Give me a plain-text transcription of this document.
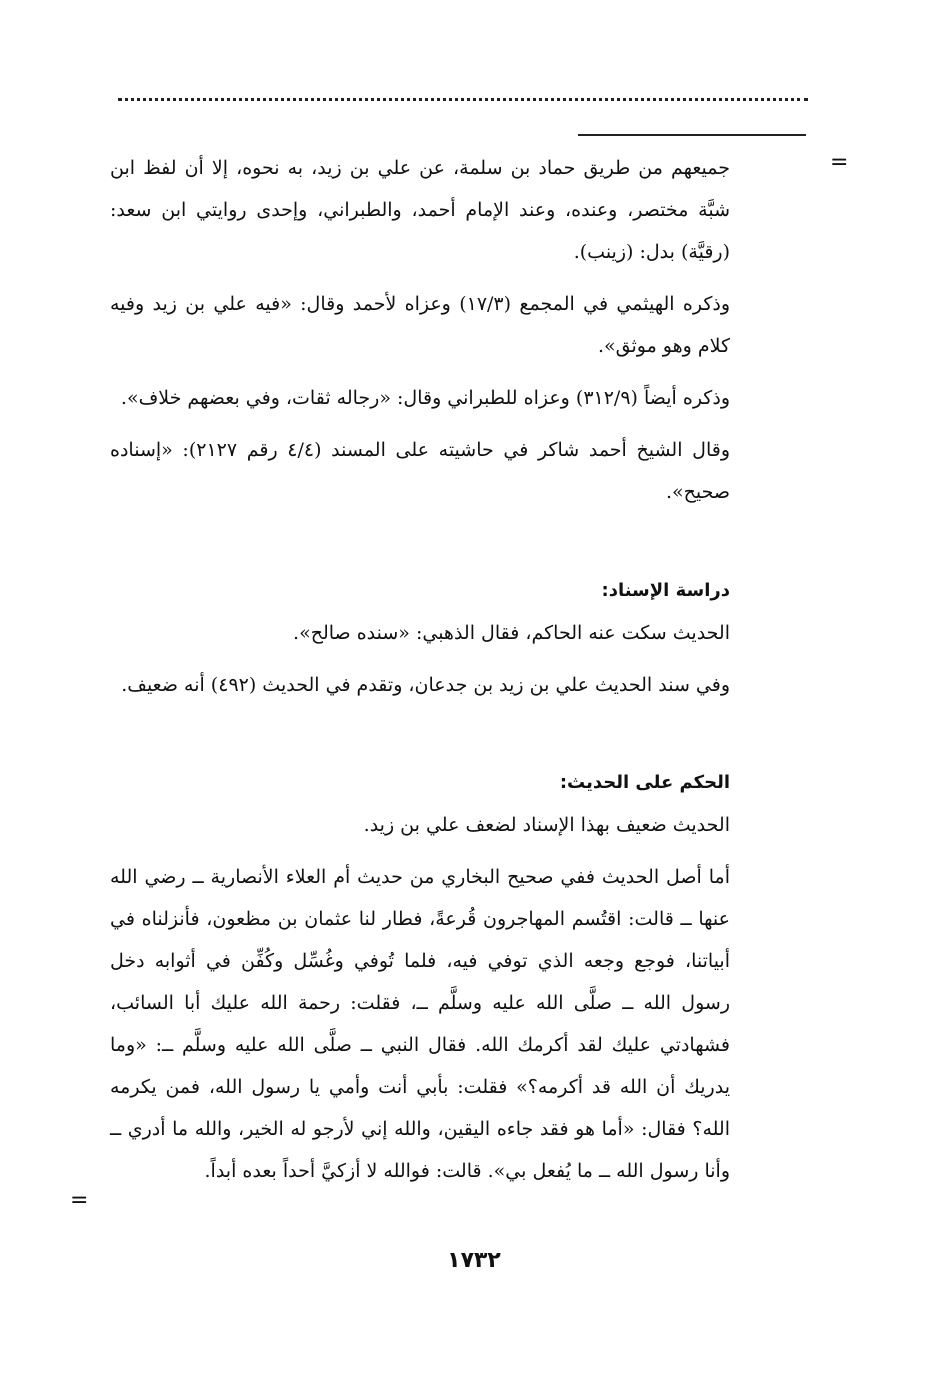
=

جميعهم من طريق حماد بن سلمة، عن علي بن زيد، به نحوه، إلا أن لفظ ابن شبَّة مختصر، وعنده، وعند الإمام أحمد، والطبراني، وإحدى روايتي ابن سعد: (رقيَّة) بدل: (زينب).

وذكره الهيثمي في المجمع (١٧/٣) وعزاه لأحمد وقال: «فيه علي بن زيد وفيه كلام وهو موثق».

وذكره أيضاً (٣١٢/٩) وعزاه للطبراني وقال: «رجاله ثقات، وفي بعضهم خلاف».

وقال الشيخ أحمد شاكر في حاشيته على المسند (٤/٤ رقم ٢١٢٧): «إسناده صحيح».

دراسة الإسناد:

الحديث سكت عنه الحاكم، فقال الذهبي: «سنده صالح».

وفي سند الحديث علي بن زيد بن جدعان، وتقدم في الحديث (٤٩٢) أنه ضعيف.

الحكم على الحديث:

الحديث ضعيف بهذا الإسناد لضعف علي بن زيد.

أما أصل الحديث ففي صحيح البخاري من حديث أم العلاء الأنصارية ــ رضي الله عنها ــ قالت: اقتُسم المهاجرون قُرعةً، فطار لنا عثمان بن مظعون، فأنزلناه في أبياتنا، فوجع وجعه الذي توفي فيه، فلما تُوفي وغُسِّل وكُفِّن في أثوابه دخل رسول الله ــ صلَّى الله عليه وسلَّم ــ، فقلت: رحمة الله عليك أبا السائب، فشهادتي عليك لقد أكرمك الله. فقال النبي ــ صلَّى الله عليه وسلَّم ــ: «وما يدريك أن الله قد أكرمه؟» فقلت: بأبي أنت وأمي يا رسول الله، فمن يكرمه الله؟ فقال: «أما هو فقد جاءه اليقين، والله إني لأرجو له الخير، والله ما أدري ــ وأنا رسول الله ــ ما يُفعل بي». قالت: فوالله لا أزكيَّ أحداً بعده أبداً.

=
١٧٣٢
